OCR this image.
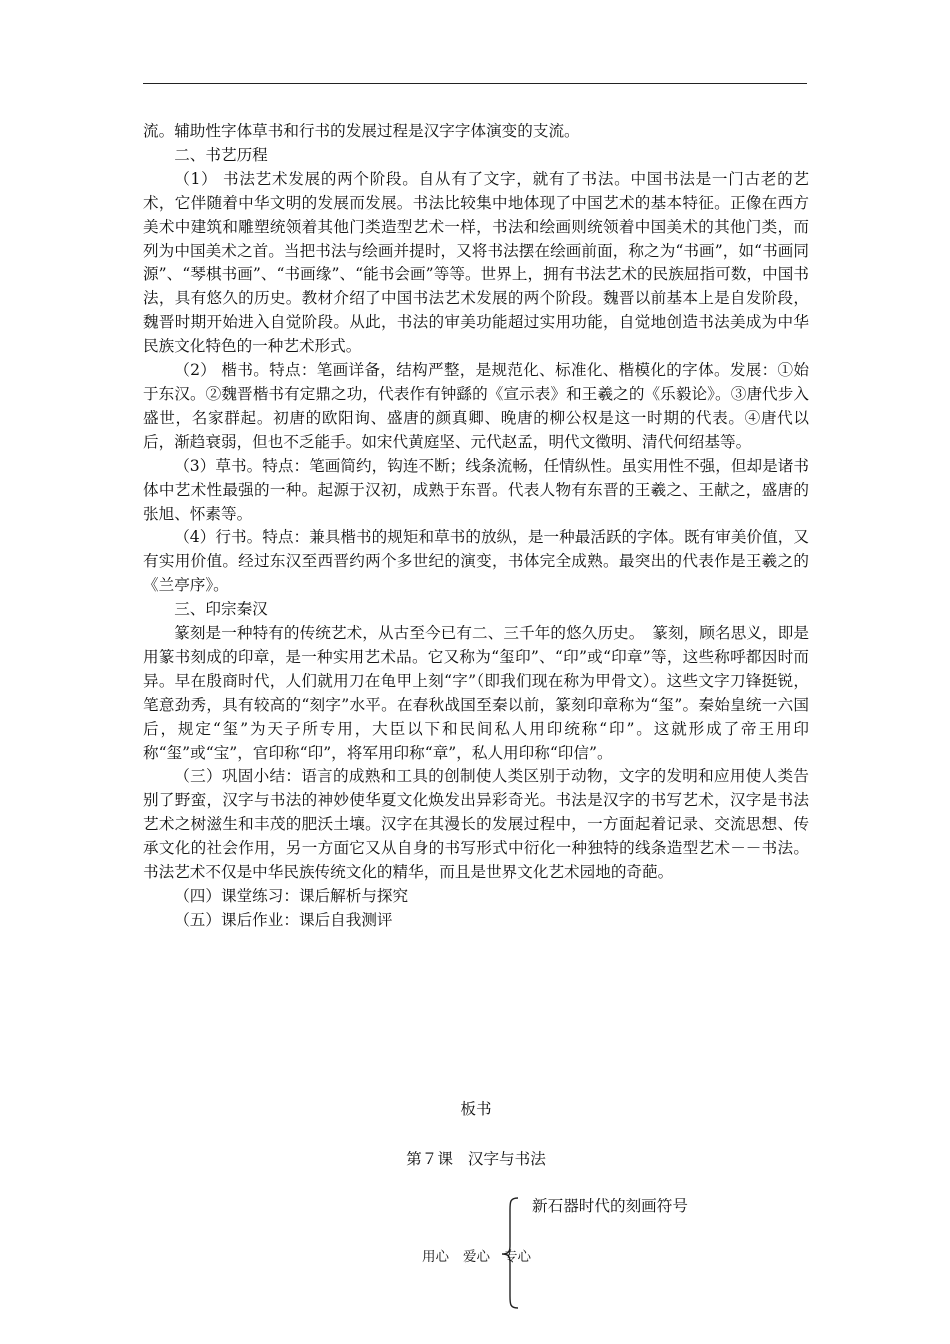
流。辅助性字体草书和行书的发展过程是汉字字体演变的支流。

二、书艺历程

（1） 书法艺术发展的两个阶段。自从有了文字，就有了书法。中国书法是一门古老的艺术，它伴随着中华文明的发展而发展。书法比较集中地体现了中国艺术的基本特征。正像在西方美术中建筑和雕塑统领着其他门类造型艺术一样，书法和绘画则统领着中国美术的其他门类，而列为中国美术之首。当把书法与绘画并提时，又将书法摆在绘画前面，称之为“书画”，如“书画同源”、“琴棋书画”、“书画缘”、“能书会画”等等。世界上，拥有书法艺术的民族屈指可数，中国书法，具有悠久的历史。教材介绍了中国书法艺术发展的两个阶段。魏晋以前基本上是自发阶段，魏晋时期开始进入自觉阶段。从此，书法的审美功能超过实用功能，自觉地创造书法美成为中华民族文化特色的一种艺术形式。

（2） 楷书。特点：笔画详备，结构严整，是规范化、标准化、楷模化的字体。发展：①始于东汉。②魏晋楷书有定鼎之功，代表作有钟繇的《宣示表》和王羲之的《乐毅论》。③唐代步入盛世，名家群起。初唐的欧阳询、盛唐的颜真卿、晚唐的柳公权是这一时期的代表。④唐代以后，渐趋衰弱，但也不乏能手。如宋代黄庭坚、元代赵孟，明代文徵明、清代何绍基等。

（3）草书。特点：笔画简约，钩连不断；线条流畅，任情纵性。虽实用性不强，但却是诸书体中艺术性最强的一种。起源于汉初，成熟于东晋。代表人物有东晋的王羲之、王献之，盛唐的张旭、怀素等。

（4）行书。特点：兼具楷书的规矩和草书的放纵，是一种最活跃的字体。既有审美价值，又有实用价值。经过东汉至西晋约两个多世纪的演变，书体完全成熟。最突出的代表作是王羲之的《兰亭序》。

三、印宗秦汉

篆刻是一种特有的传统艺术，从古至今已有二、三千年的悠久历史。　篆刻，顾名思义，即是用篆书刻成的印章，是一种实用艺术品。它又称为“玺印”、“印”或“印章”等，这些称呼都因时而异。早在殷商时代，人们就用刀在龟甲上刻“字”（即我们现在称为甲骨文）。这些文字刀锋挺锐，笔意劲秀，具有较高的“刻字”水平。在春秋战国至秦以前，篆刻印章称为“玺”。秦始皇统一六国后，规定“玺”为天子所专用，大臣以下和民间私人用印统称“印”。这就形成了帝王用印称“玺”或“宝”，官印称“印”，将军用印称“章”，私人用印称“印信”。

（三）巩固小结：语言的成熟和工具的创制使人类区别于动物，文字的发明和应用使人类告别了野蛮，汉字与书法的神妙使华夏文化焕发出异彩奇光。书法是汉字的书写艺术，汉字是书法艺术之树滋生和丰茂的肥沃土壤。汉字在其漫长的发展过程中，一方面起着记录、交流思想、传承文化的社会作用，另一方面它又从自身的书写形式中衍化一种独特的线条造型艺术－－书法。书法艺术不仅是中华民族传统文化的精华，而且是世界文化艺术园地的奇葩。

（四）课堂练习：课后解析与探究

（五）课后作业：课后自我测评

板书
第７课 汉字与书法
新石器时代的刻画符号
用心 爱心 专心
